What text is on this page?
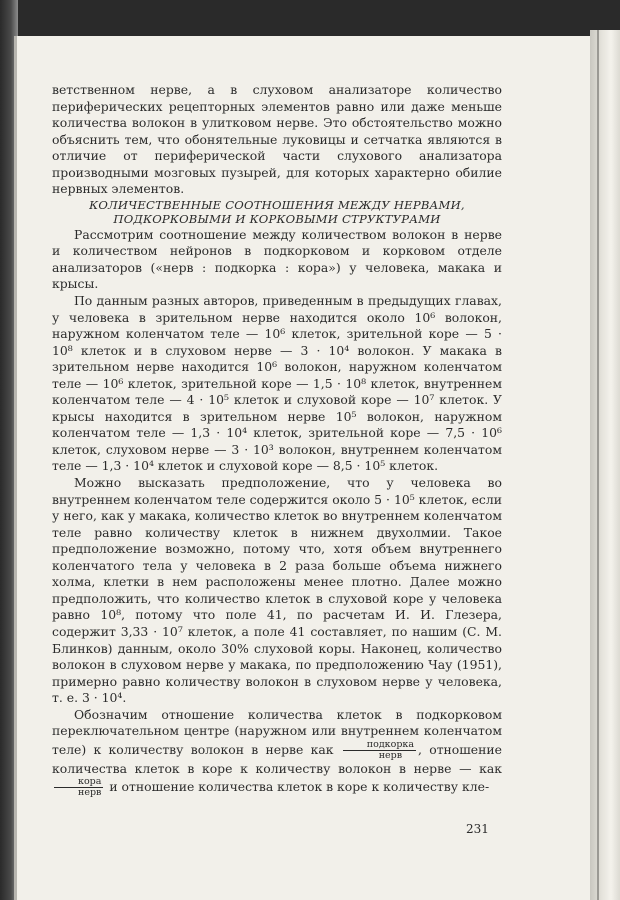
ветственном нерве, а в слуховом анализаторе количество периферических рецепторных элементов равно или даже меньше количества волокон в улитковом нерве. Это обстоятельство можно объяснить тем, что обонятельные луковицы и сетчатка являются в отличие от периферической части слухового анализатора производными мозговых пузырей, для которых характерно обилие нервных элементов.

КОЛИЧЕСТВЕННЫЕ СООТНОШЕНИЯ МЕЖДУ НЕРВАМИ, ПОДКОРКОВЫМИ И КОРКОВЫМИ СТРУКТУРАМИ

Рассмотрим соотношение между количеством волокон в нерве и количеством нейронов в подкорковом и корковом отделе анализаторов («нерв : подкорка : кора») у человека, макака и крысы.

По данным разных авторов, приведенным в предыдущих главах, у человека в зрительном нерве находится около 10⁶ волокон, наружном коленчатом теле — 10⁶ клеток, зрительной коре — 5 · 10⁸ клеток и в слуховом нерве — 3 · 10⁴ волокон. У макака в зрительном нерве находится 10⁶ волокон, наружном коленчатом теле — 10⁶ клеток, зрительной коре — 1,5 · 10⁸ клеток, внутреннем коленчатом теле — 4 · 10⁵ клеток и слуховой коре — 10⁷ клеток. У крысы находится в зрительном нерве 10⁵ волокон, наружном коленчатом теле — 1,3 · 10⁴ клеток, зрительной коре — 7,5 · 10⁶ клеток, слуховом нерве — 3 · 10³ волокон, внутреннем коленчатом теле — 1,3 · 10⁴ клеток и слуховой коре — 8,5 · 10⁵ клеток.

Можно высказать предположение, что у человека во внутреннем коленчатом теле содержится около 5 · 10⁵ клеток, если у него, как у макака, количество клеток во внутреннем коленчатом теле равно количеству клеток в нижнем двухолмии. Такое предположение возможно, потому что, хотя объем внутреннего коленчатого тела у человека в 2 раза больше объема нижнего холма, клетки в нем расположены менее плотно. Далее можно предположить, что количество клеток в слуховой коре у человека равно 10⁸, потому что поле 41, по расчетам И. И. Глезера, содержит 3,33 · 10⁷ клеток, а поле 41 составляет, по нашим (С. М. Блинков) данным, около 30% слуховой коры. Наконец, количество волокон в слуховом нерве у макака, по предположению Чау (1951), примерно равно количеству волокон в слуховом нерве у человека, т. е. 3 · 10⁴.

Обозначим отношение количества клеток в подкорковом переключательном центре (наружном или внутреннем коленчатом теле) к количеству волокон в нерве как $\frac{\text{подкорка}}{\text{нерв}}$ , отношение количества клеток в коре к количеству волокон в нерве — как
$\frac{\text{кора}}{\text{нерв}}$ и отношение количества клеток в коре к количеству кле-

231
